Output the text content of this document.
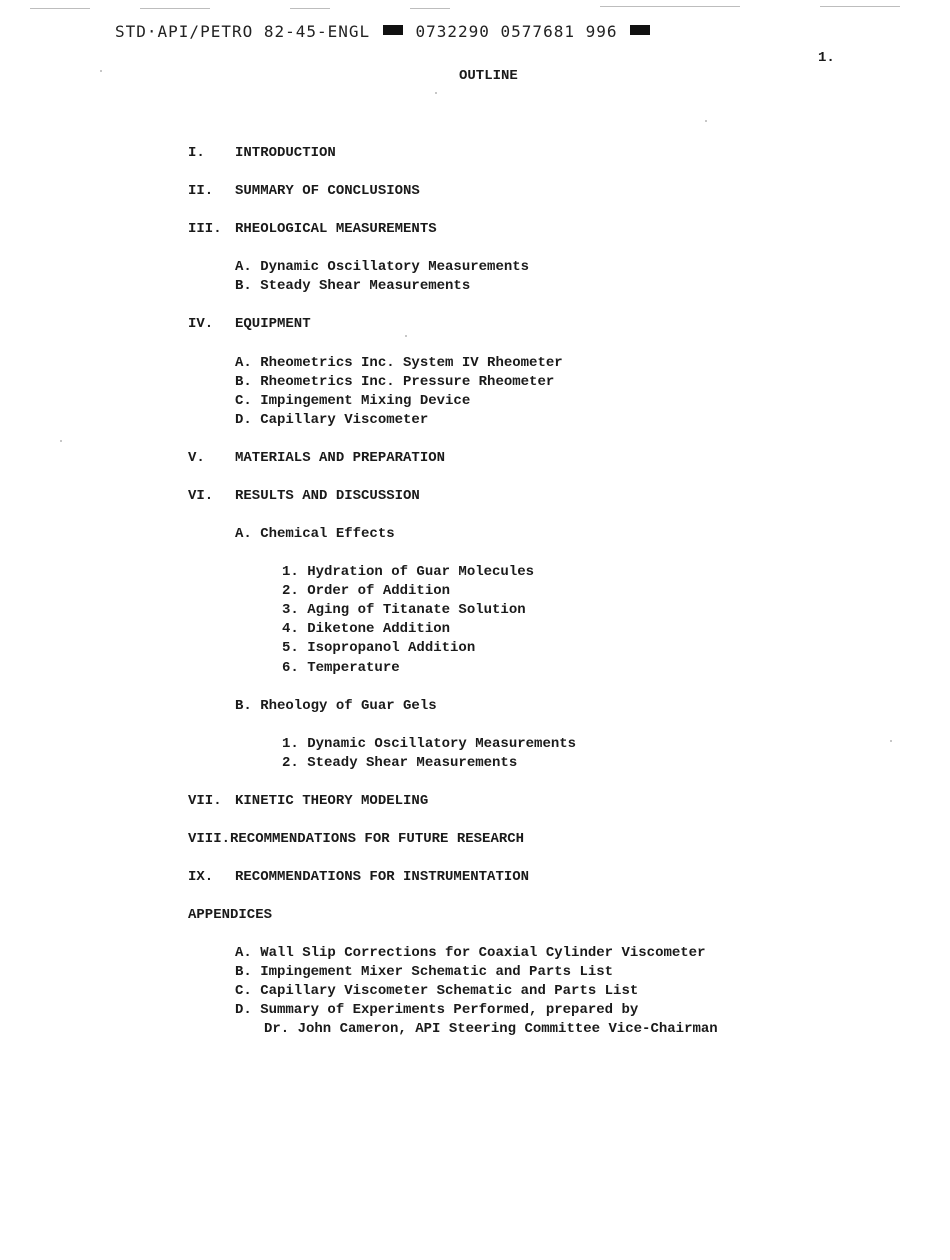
STD·API/PETRO 82-45-ENGL	0732290 0577681 996
1.
OUTLINE
I. INTRODUCTION
II. SUMMARY OF CONCLUSIONS
III. RHEOLOGICAL MEASUREMENTS
A. Dynamic Oscillatory Measurements
B. Steady Shear Measurements
IV. EQUIPMENT
A. Rheometrics Inc. System IV Rheometer
B. Rheometrics Inc. Pressure Rheometer
C. Impingement Mixing Device
D. Capillary Viscometer
V. MATERIALS AND PREPARATION
VI. RESULTS AND DISCUSSION
A. Chemical Effects
1. Hydration of Guar Molecules
2. Order of Addition
3. Aging of Titanate Solution
4. Diketone Addition
5. Isopropanol Addition
6. Temperature
B. Rheology of Guar Gels
1. Dynamic Oscillatory Measurements
2. Steady Shear Measurements
VII. KINETIC THEORY MODELING
VIII.RECOMMENDATIONS FOR FUTURE RESEARCH
IX. RECOMMENDATIONS FOR INSTRUMENTATION
APPENDICES
A. Wall Slip Corrections for Coaxial Cylinder Viscometer
B. Impingement Mixer Schematic and Parts List
C. Capillary Viscometer Schematic and Parts List
D. Summary of Experiments Performed, prepared by
Dr. John Cameron, API Steering Committee Vice-Chairman
